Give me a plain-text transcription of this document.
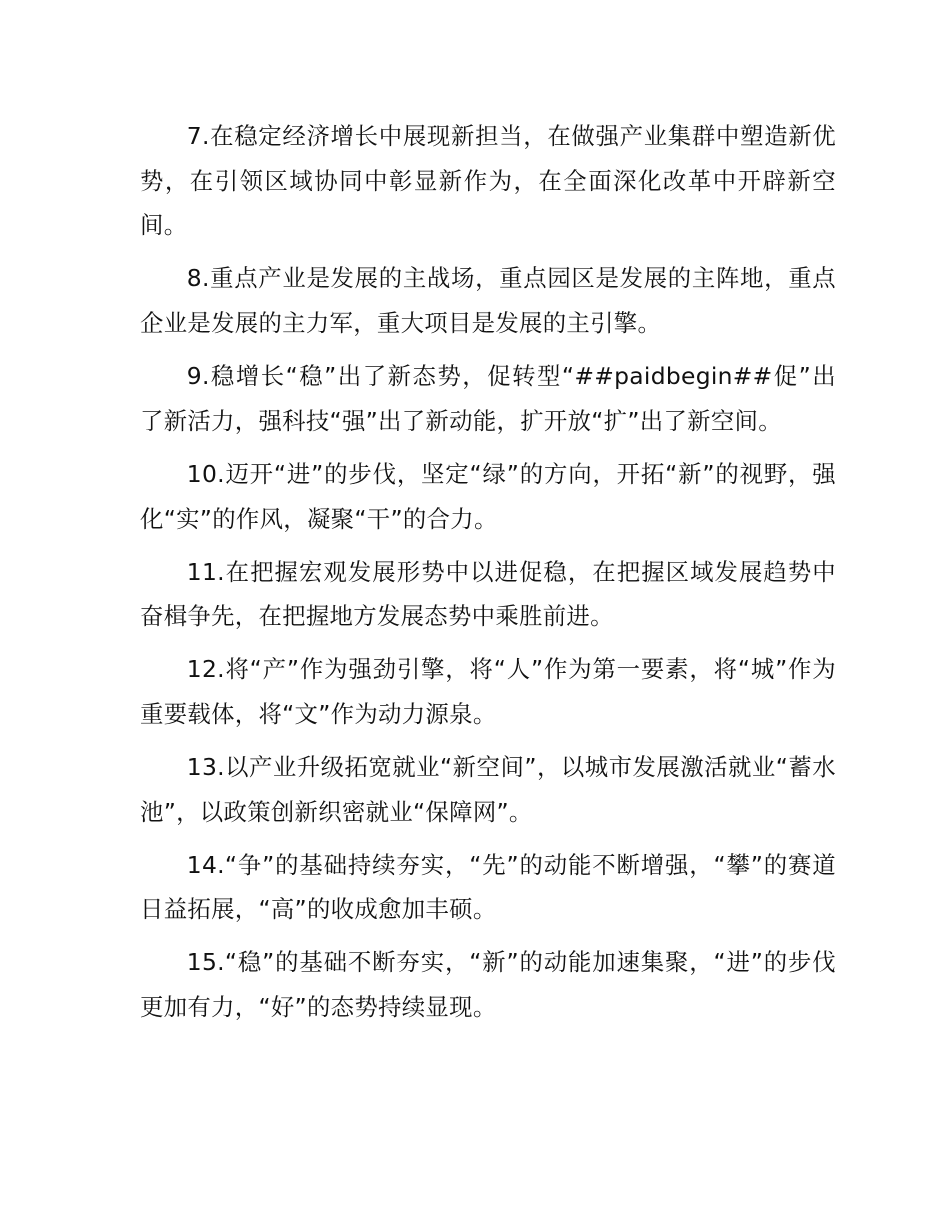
7.在稳定经济增长中展现新担当，在做强产业集群中塑造新优势，在引领区域协同中彰显新作为，在全面深化改革中开辟新空间。

8.重点产业是发展的主战场，重点园区是发展的主阵地，重点企业是发展的主力军，重大项目是发展的主引擎。

9.稳增长“稳”出了新态势，促转型“##paidbegin##促”出了新活力，强科技“强”出了新动能，扩开放“扩”出了新空间。

10.迈开“进”的步伐，坚定“绿”的方向，开拓“新”的视野，强化“实”的作风，凝聚“干”的合力。

11.在把握宏观发展形势中以进促稳，在把握区域发展趋势中奋楫争先，在把握地方发展态势中乘胜前进。

12.将“产”作为强劲引擎，将“人”作为第一要素，将“城”作为重要载体，将“文”作为动力源泉。

13.以产业升级拓宽就业“新空间”，以城市发展激活就业“蓄水池”，以政策创新织密就业“保障网”。

14.“争”的基础持续夯实，“先”的动能不断增强，“攀”的赛道日益拓展，“高”的收成愈加丰硕。

15.“稳”的基础不断夯实，“新”的动能加速集聚，“进”的步伐更加有力，“好”的态势持续显现。
